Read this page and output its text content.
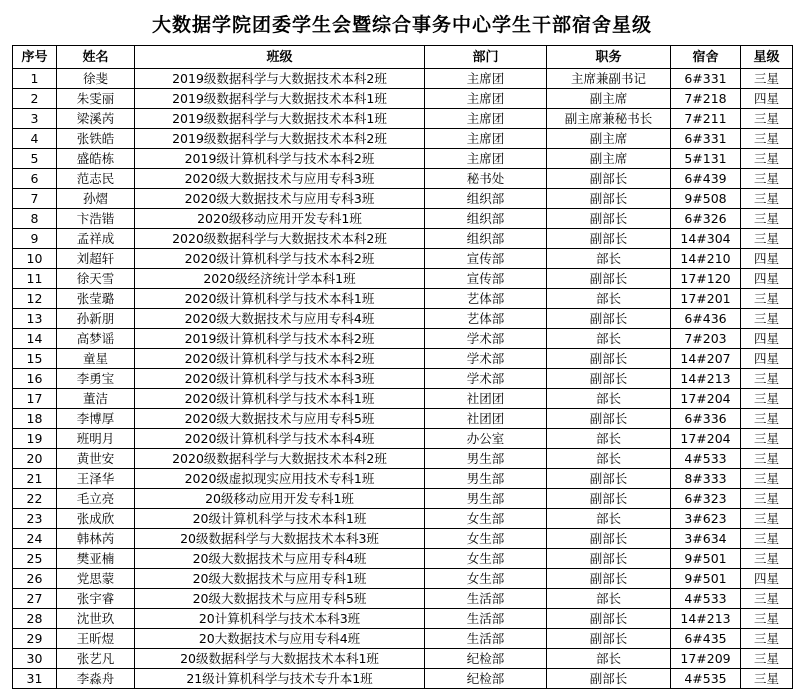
大数据学院团委学生会暨综合事务中心学生干部宿舍星级
序号	姓名	班级	部门	职务	宿舍	星级
1	徐斐	2019级数据科学与大数据技术本科2班	主席团	主席兼副书记	6#331	三星
2	朱雯丽	2019级数据科学与大数据技术本科1班	主席团	副主席	7#218	四星
3	梁溪芮	2019级数据科学与大数据技术本科1班	主席团	副主席兼秘书长	7#211	三星
4	张铁皓	2019级数据科学与大数据技术本科2班	主席团	副主席	6#331	三星
5	盛皓栋	2019级计算机科学与技术本科2班	主席团	副主席	5#131	三星
6	范志民	2020级大数据技术与应用专科3班	秘书处	副部长	6#439	三星
7	孙熠	2020级大数据技术与应用专科3班	组织部	副部长	9#508	三星
8	卞浩锴	2020级移动应用开发专科1班	组织部	副部长	6#326	三星
9	孟祥成	2020级数据科学与大数据技术本科2班	组织部	副部长	14#304	三星
10	刘超轩	2020级计算机科学与技术本科2班	宣传部	部长	14#210	四星
11	徐天雪	2020级经济统计学本科1班	宣传部	副部长	17#120	四星
12	张莹璐	2020级计算机科学与技术本科1班	艺体部	部长	17#201	三星
13	孙新朋	2020级大数据技术与应用专科4班	艺体部	副部长	6#436	三星
14	高梦谣	2019级计算机科学与技术本科2班	学术部	部长	7#203	四星
15	童星	2020级计算机科学与技术本科2班	学术部	副部长	14#207	四星
16	李勇宝	2020级计算机科学与技术本科3班	学术部	副部长	14#213	三星
17	董洁	2020级计算机科学与技术本科1班	社团团	部长	17#204	三星
18	李博厚	2020级大数据技术与应用专科5班	社团团	副部长	6#336	三星
19	班明月	2020级计算机科学与技术本科4班	办公室	部长	17#204	三星
20	黄世安	2020级数据科学与大数据技术本科2班	男生部	部长	4#533	三星
21	王泽华	2020级虚拟现实应用技术专科1班	男生部	副部长	8#333	三星
22	毛立亮	20级移动应用开发专科1班	男生部	副部长	6#323	三星
23	张成欣	20级计算机科学与技术本科1班	女生部	部长	3#623	三星
24	韩林芮	20级数据科学与大数据技术本科3班	女生部	副部长	3#634	三星
25	樊亚楠	20级大数据技术与应用专科4班	女生部	副部长	9#501	三星
26	党思蒙	20级大数据技术与应用专科1班	女生部	副部长	9#501	四星
27	张宇睿	20级大数据技术与应用专科5班	生活部	部长	4#533	三星
28	沈世玖	20计算机科学与技术本科3班	生活部	副部长	14#213	三星
29	王昕煜	20大数据技术与应用专科4班	生活部	副部长	6#435	三星
30	张艺凡	20级数据科学与大数据技术本科1班	纪检部	部长	17#209	三星
31	李淼舟	21级计算机科学与技术专升本1班	纪检部	副部长	4#535	三星
